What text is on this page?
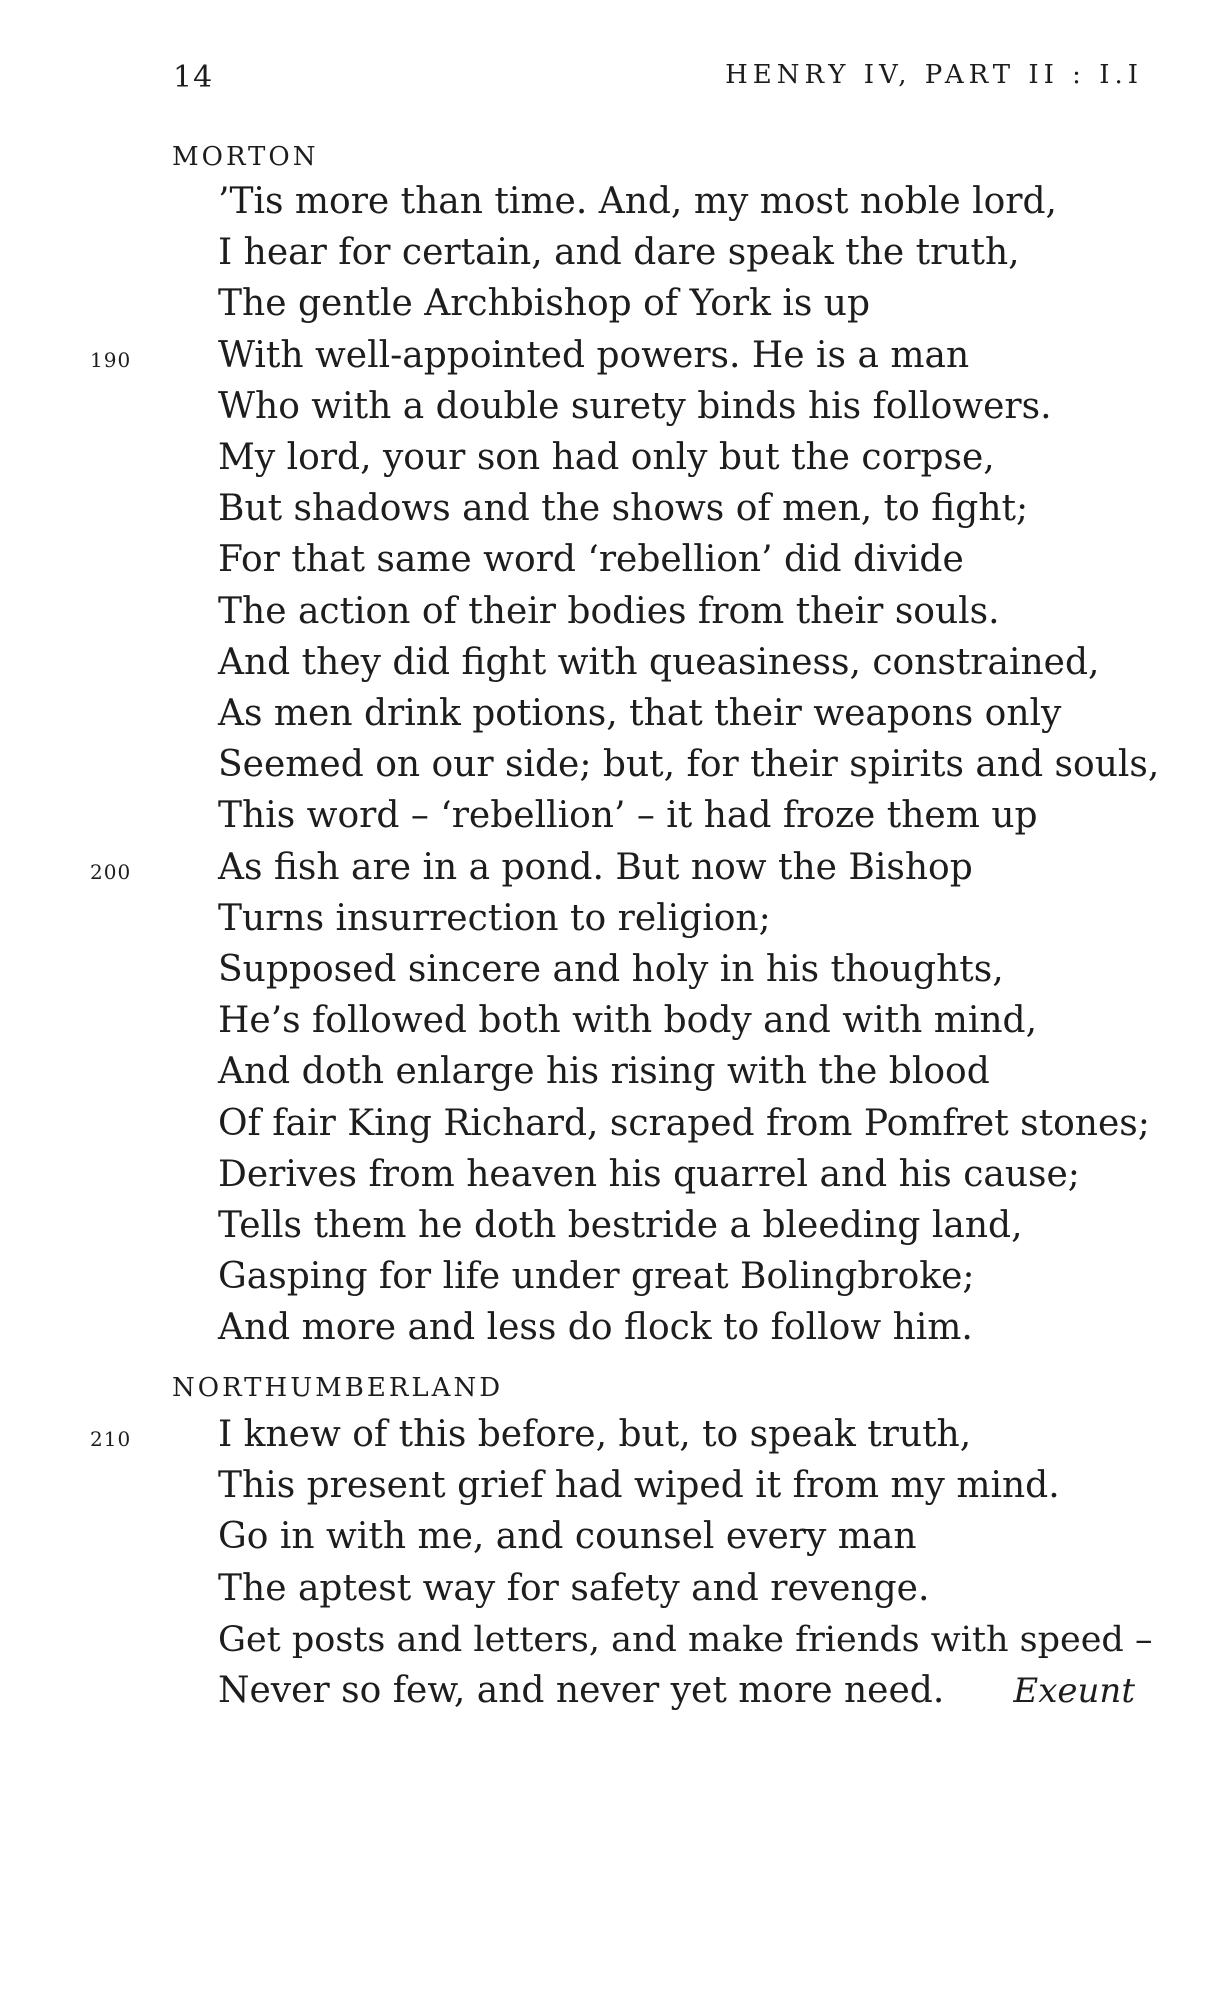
14	HENRY IV, PART II : I.I
MORTON
’Tis more than time. And, my most noble lord,
I hear for certain, and dare speak the truth,
The gentle Archbishop of York is up
With well-appointed powers. He is a man
190
Who with a double surety binds his followers.
My lord, your son had only but the corpse,
But shadows and the shows of men, to fight;
For that same word ‘rebellion’ did divide
The action of their bodies from their souls.
And they did fight with queasiness, constrained,
As men drink potions, that their weapons only
Seemed on our side; but, for their spirits and souls,
This word – ‘rebellion’ – it had froze them up
As fish are in a pond. But now the Bishop
200
Turns insurrection to religion;
Supposed sincere and holy in his thoughts,
He’s followed both with body and with mind,
And doth enlarge his rising with the blood
Of fair King Richard, scraped from Pomfret stones;
Derives from heaven his quarrel and his cause;
Tells them he doth bestride a bleeding land,
Gasping for life under great Bolingbroke;
And more and less do flock to follow him.
NORTHUMBERLAND
I knew of this before, but, to speak truth,
210
This present grief had wiped it from my mind.
Go in with me, and counsel every man
The aptest way for safety and revenge.
Get posts and letters, and make friends with speed –
Never so few, and never yet more need. Exeunt
